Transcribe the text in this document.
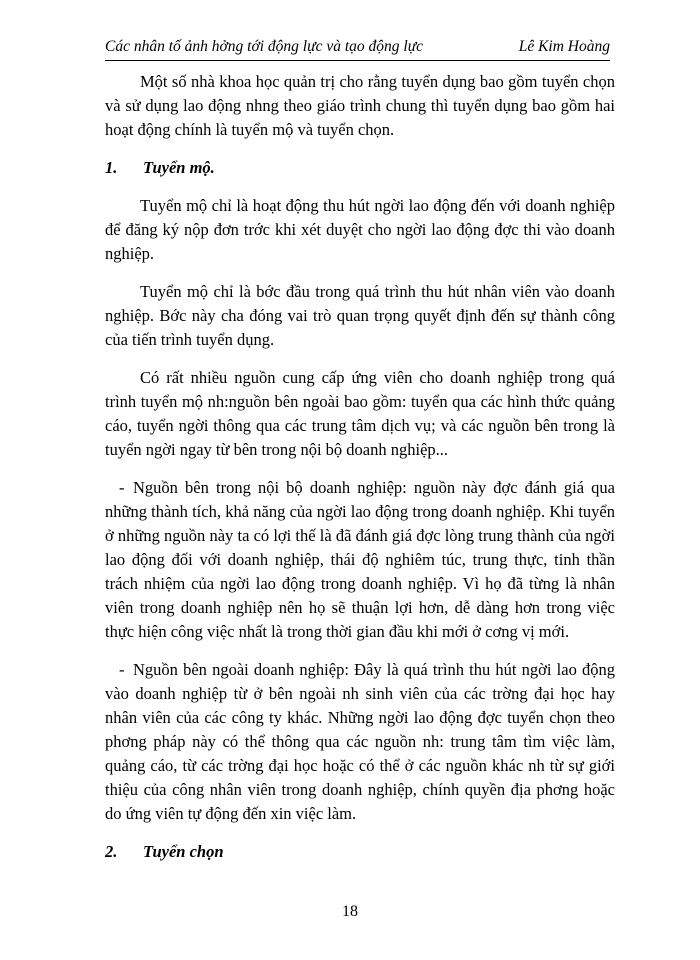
Các nhân tố ảnh hởng tới động lực và tạo động lực	Lê Kim Hoàng

Một số nhà khoa học quản trị cho rằng tuyển dụng bao gồm tuyển chọn và sử dụng lao động nhng theo giáo trình chung thì tuyển dụng bao gồm hai hoạt động chính là tuyển mộ và tuyển chọn.

1. Tuyển mộ.

Tuyển mộ chỉ là hoạt động thu hút ngời lao động đến với doanh nghiệp để đăng ký nộp đơn trớc khi xét duyệt cho ngời lao động đợc thi vào doanh nghiệp.

Tuyển mộ chỉ là bớc đầu trong quá trình thu hút nhân viên vào doanh nghiệp. Bớc này cha đóng vai trò quan trọng quyết định đến sự thành công của tiến trình tuyển dụng.

Có rất nhiều nguồn cung cấp ứng viên cho doanh nghiệp trong quá trình tuyển mộ nh:nguồn bên ngoài bao gồm: tuyển qua các hình thức quảng cáo, tuyển ngời thông qua các trung tâm dịch vụ; và các nguồn bên trong là tuyển ngời ngay từ bên trong nội bộ doanh nghiệp...

- Nguồn bên trong nội bộ doanh nghiệp: nguồn này đợc đánh giá qua những thành tích, khả năng của ngời lao động trong doanh nghiệp. Khi tuyển ở những nguồn này ta có lợi thế là đã đánh giá đợc lòng trung thành của ngời lao động đối với doanh nghiệp, thái độ nghiêm túc, trung thực, tinh thần trách nhiệm của ngời lao động trong doanh nghiệp. Vì họ đã từng là nhân viên trong doanh nghiệp nên họ sẽ thuận lợi hơn, dễ dàng hơn trong việc thực hiện công việc nhất là trong thời gian đầu khi mới ở cơng vị mới.

- Nguồn bên ngoài doanh nghiệp: Đây là quá trình thu hút ngời lao động vào doanh nghiệp từ ở bên ngoài nh sinh viên của các trờng đại học hay nhân viên của các công ty khác. Những ngời lao động đợc tuyển chọn theo phơng pháp này có thể thông qua các nguồn nh: trung tâm tìm việc làm, quảng cáo, từ các trờng đại học hoặc có thể ở các nguồn khác nh từ sự giới thiệu của công nhân viên trong doanh nghiệp, chính quyền địa phơng hoặc do ứng viên tự động đến xin việc làm.

2. Tuyển chọn
18
